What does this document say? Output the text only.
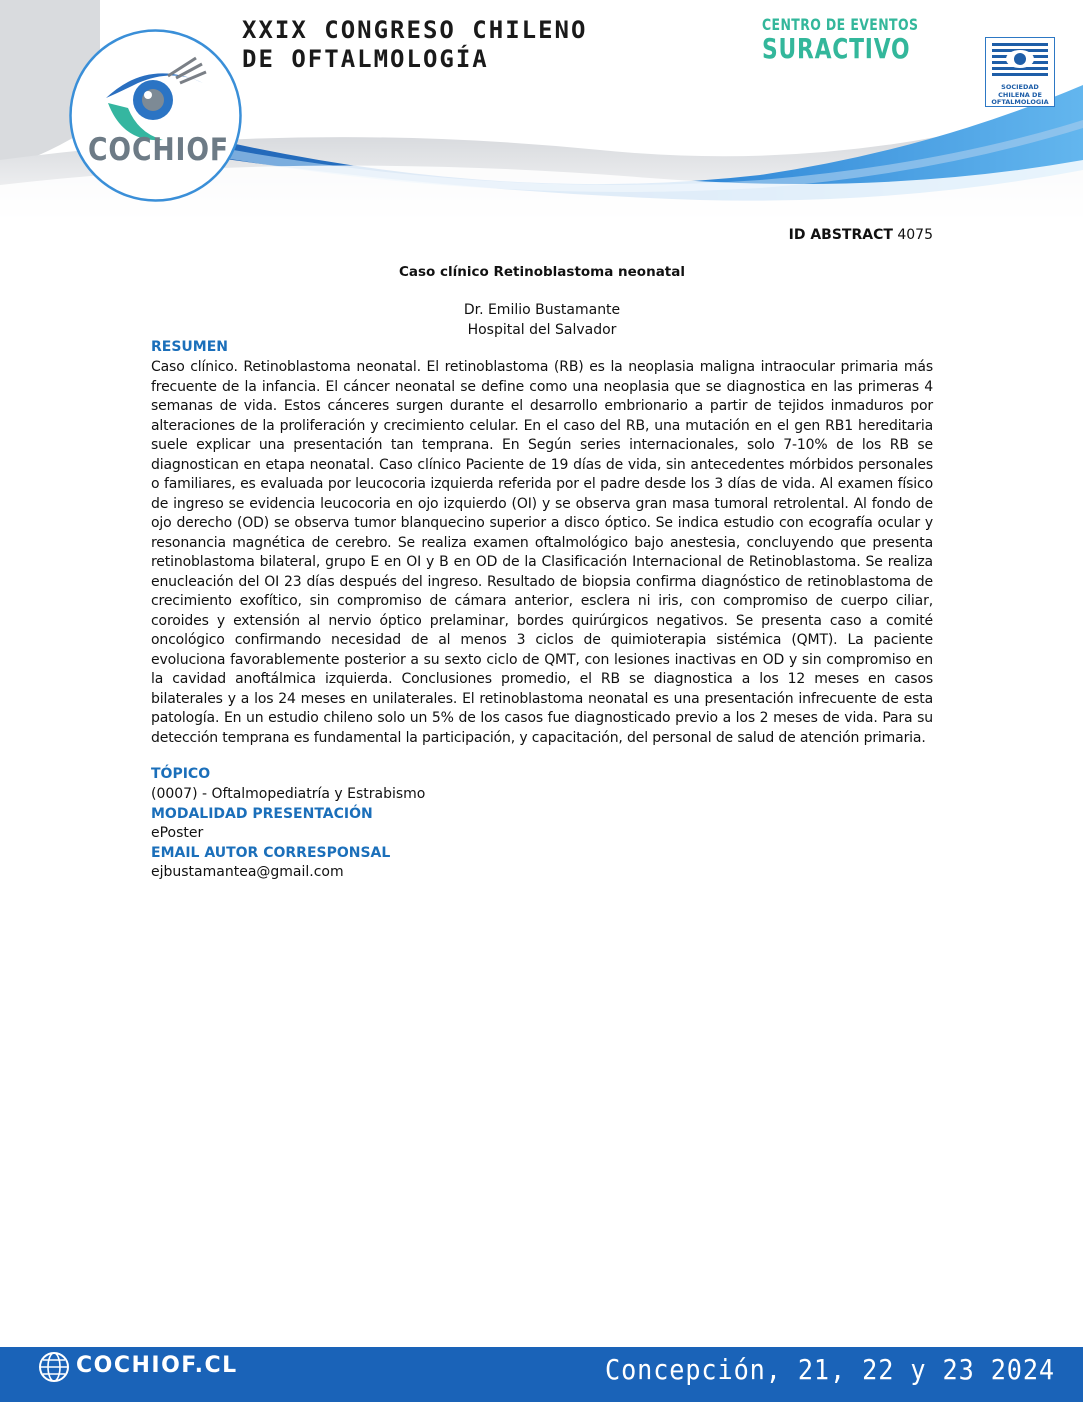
COCHIOF
XXIX CONGRESO CHILENO
DE OFTALMOLOGÍA
CENTRO DE EVENTOS
SURACTIVO
SOCIEDAD CHILENA DE OFTALMOLOGIA
ID ABSTRACT 4075
Caso clínico Retinoblastoma neonatal
Dr. Emilio Bustamante
Hospital del Salvador
RESUMEN
Caso clínico. Retinoblastoma neonatal. El retinoblastoma (RB) es la neoplasia maligna intraocular primaria más frecuente de la infancia. El cáncer neonatal se define como una neoplasia que se diagnostica en las primeras 4 semanas de vida. Estos cánceres surgen durante el desarrollo embrionario a partir de tejidos inmaduros por alteraciones de la proliferación y crecimiento celular. En el caso del RB, una mutación en el gen RB1 hereditaria suele explicar una presentación tan temprana. En Según series internacionales, solo 7-10% de los RB se diagnostican en etapa neonatal. Caso clínico Paciente de 19 días de vida, sin antecedentes mórbidos personales o familiares, es evaluada por leucocoria izquierda referida por el padre desde los 3 días de vida. Al examen físico de ingreso se evidencia leucocoria en ojo izquierdo (OI) y se observa gran masa tumoral retrolental. Al fondo de ojo derecho (OD) se observa tumor blanquecino superior a disco óptico. Se indica estudio con ecografía ocular y resonancia magnética de cerebro. Se realiza examen oftalmológico bajo anestesia, concluyendo que presenta retinoblastoma bilateral, grupo E en OI y B en OD de la Clasificación Internacional de Retinoblastoma. Se realiza enucleación del OI 23 días después del ingreso. Resultado de biopsia confirma diagnóstico de retinoblastoma de crecimiento exofítico, sin compromiso de cámara anterior, esclera ni iris, con compromiso de cuerpo ciliar, coroides y extensión al nervio óptico prelaminar, bordes quirúrgicos negativos. Se presenta caso a comité oncológico confirmando necesidad de al menos 3 ciclos de quimioterapia sistémica (QMT). La paciente evoluciona favorablemente posterior a su sexto ciclo de QMT, con lesiones inactivas en OD y sin compromiso en la cavidad anoftálmica izquierda. Conclusiones promedio, el RB se diagnostica a los 12 meses en casos bilaterales y a los 24 meses en unilaterales. El retinoblastoma neonatal es una presentación infrecuente de esta patología. En un estudio chileno solo un 5% de los casos fue diagnosticado previo a los 2 meses de vida. Para su detección temprana es fundamental la participación, y capacitación, del personal de salud de atención primaria.
TÓPICO
(0007) - Oftalmopediatría y Estrabismo
MODALIDAD PRESENTACIÓN
ePoster
EMAIL AUTOR CORRESPONSAL
ejbustamantea@gmail.com
COCHIOF.CL	Concepción, 21, 22 y 23 2024
